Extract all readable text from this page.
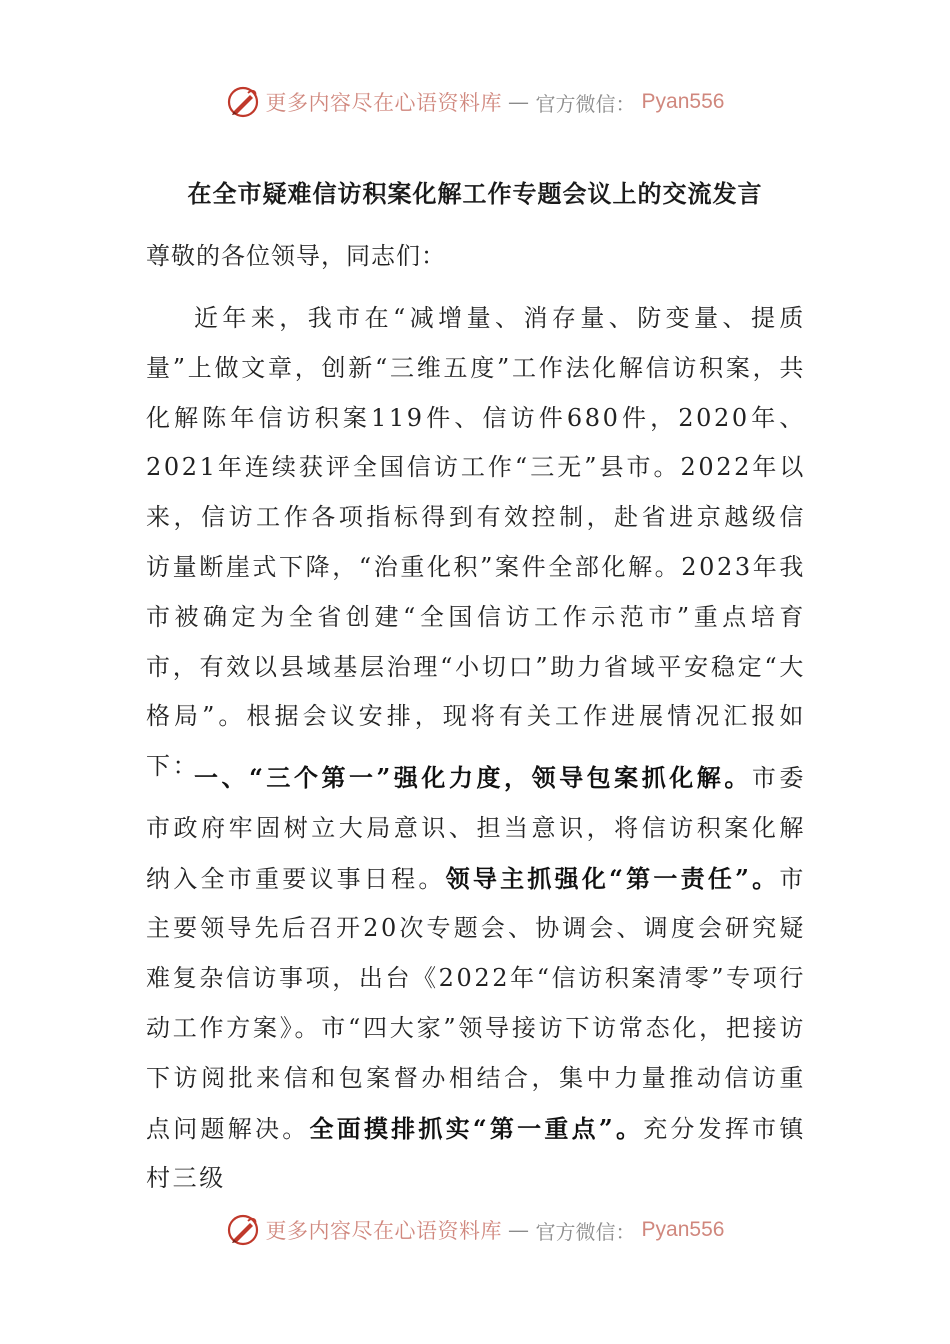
更多内容尽在心语资料库 — 官方微信： Pyan556
在全市疑难信访积案化解工作专题会议上的交流发言

尊敬的各位领导，同志们：

近年来，我市在“减增量、消存量、防变量、提质量”上做文章，创新“三维五度”工作法化解信访积案，共化解陈年信访积案119件、信访件680件，2020年、2021年连续获评全国信访工作“三无”县市。2022年以来，信访工作各项指标得到有效控制，赴省进京越级信访量断崖式下降，“治重化积”案件全部化解。2023年我市被确定为全省创建“全国信访工作示范市”重点培育市，有效以县域基层治理“小切口”助力省域平安稳定“大格局”。根据会议安排，现将有关工作进展情况汇报如下：

一、“三个第一”强化力度，领导包案抓化解。市委市政府牢固树立大局意识、担当意识，将信访积案化解纳入全市重要议事日程。领导主抓强化“第一责任”。市主要领导先后召开20次专题会、协调会、调度会研究疑难复杂信访事项，出台《2022年“信访积案清零”专项行动工作方案》。市“四大家”领导接访下访常态化，把接访下访阅批来信和包案督办相结合，集中力量推动信访重点问题解决。全面摸排抓实“第一重点”。充分发挥市镇村三级

更多内容尽在心语资料库 — 官方微信： Pyan556
